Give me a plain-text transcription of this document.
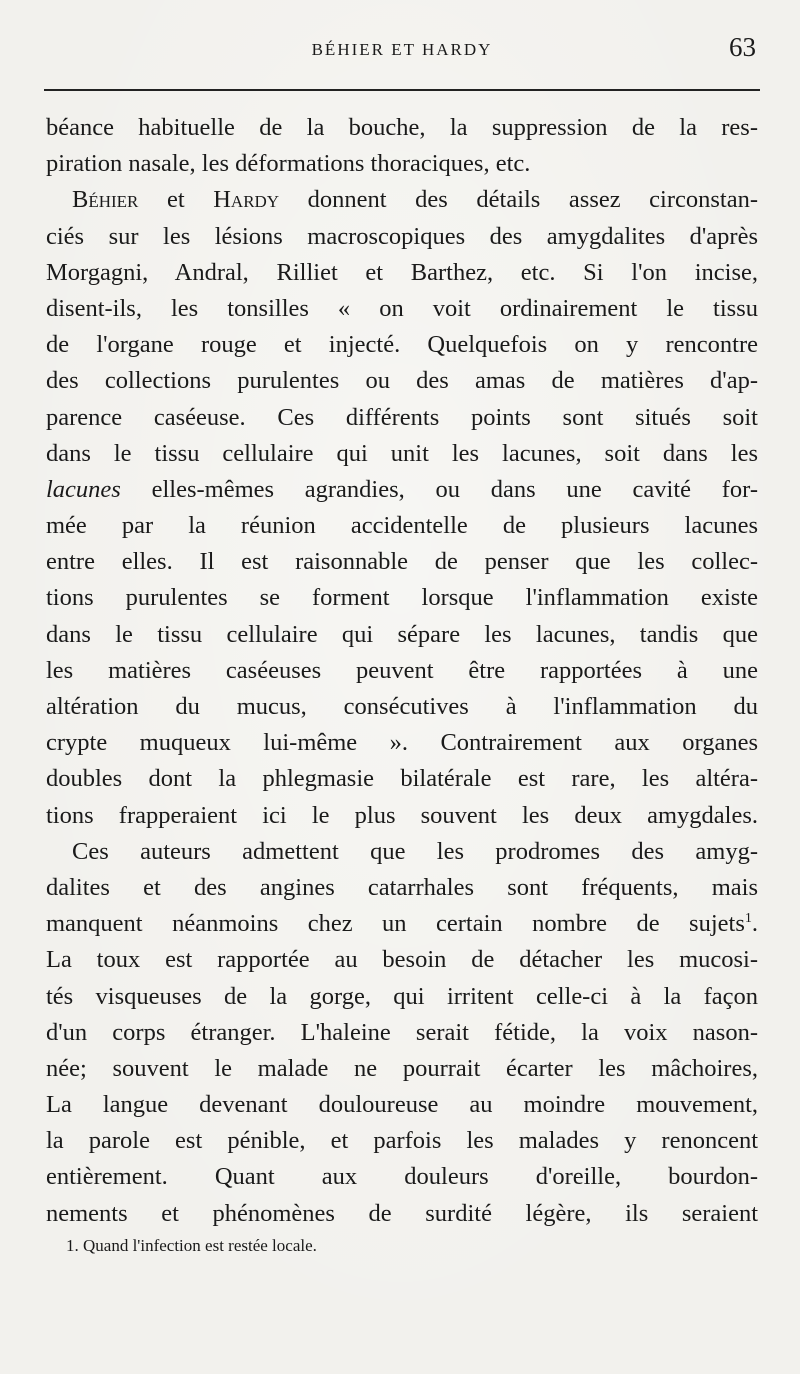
BÉHIER ET HARDY	63
béance habituelle de la bouche, la suppression de la res-
piration nasale, les déformations thoraciques, etc.
Béhier et Hardy donnent des détails assez circonstan-
ciés sur les lésions macroscopiques des amygdalites d'après
Morgagni, Andral, Rilliet et Barthez, etc. Si l'on incise,
disent-ils, les tonsilles « on voit ordinairement le tissu
de l'organe rouge et injecté. Quelquefois on y rencontre
des collections purulentes ou des amas de matières d'ap-
parence caséeuse. Ces différents points sont situés soit
dans le tissu cellulaire qui unit les lacunes, soit dans les
lacunes elles-mêmes agrandies, ou dans une cavité for-
mée par la réunion accidentelle de plusieurs lacunes
entre elles. Il est raisonnable de penser que les collec-
tions purulentes se forment lorsque l'inflammation existe
dans le tissu cellulaire qui sépare les lacunes, tandis que
les matières caséeuses peuvent être rapportées à une
altération du mucus, consécutives à l'inflammation du
crypte muqueux lui-même ». Contrairement aux organes
doubles dont la phlegmasie bilatérale est rare, les altéra-
tions frapperaient ici le plus souvent les deux amygdales.
Ces auteurs admettent que les prodromes des amyg-
dalites et des angines catarrhales sont fréquents, mais
manquent néanmoins chez un certain nombre de sujets$^1$.
La toux est rapportée au besoin de détacher les mucosi-
tés visqueuses de la gorge, qui irritent celle-ci à la façon
d'un corps étranger. L'haleine serait fétide, la voix nason-
née; souvent le malade ne pourrait écarter les mâchoires,
La langue devenant douloureuse au moindre mouvement,
la parole est pénible, et parfois les malades y renoncent
entièrement. Quant aux douleurs d'oreille, bourdon-
nements et phénomènes de surdité légère, ils seraient
1. Quand l'infection est restée locale.
